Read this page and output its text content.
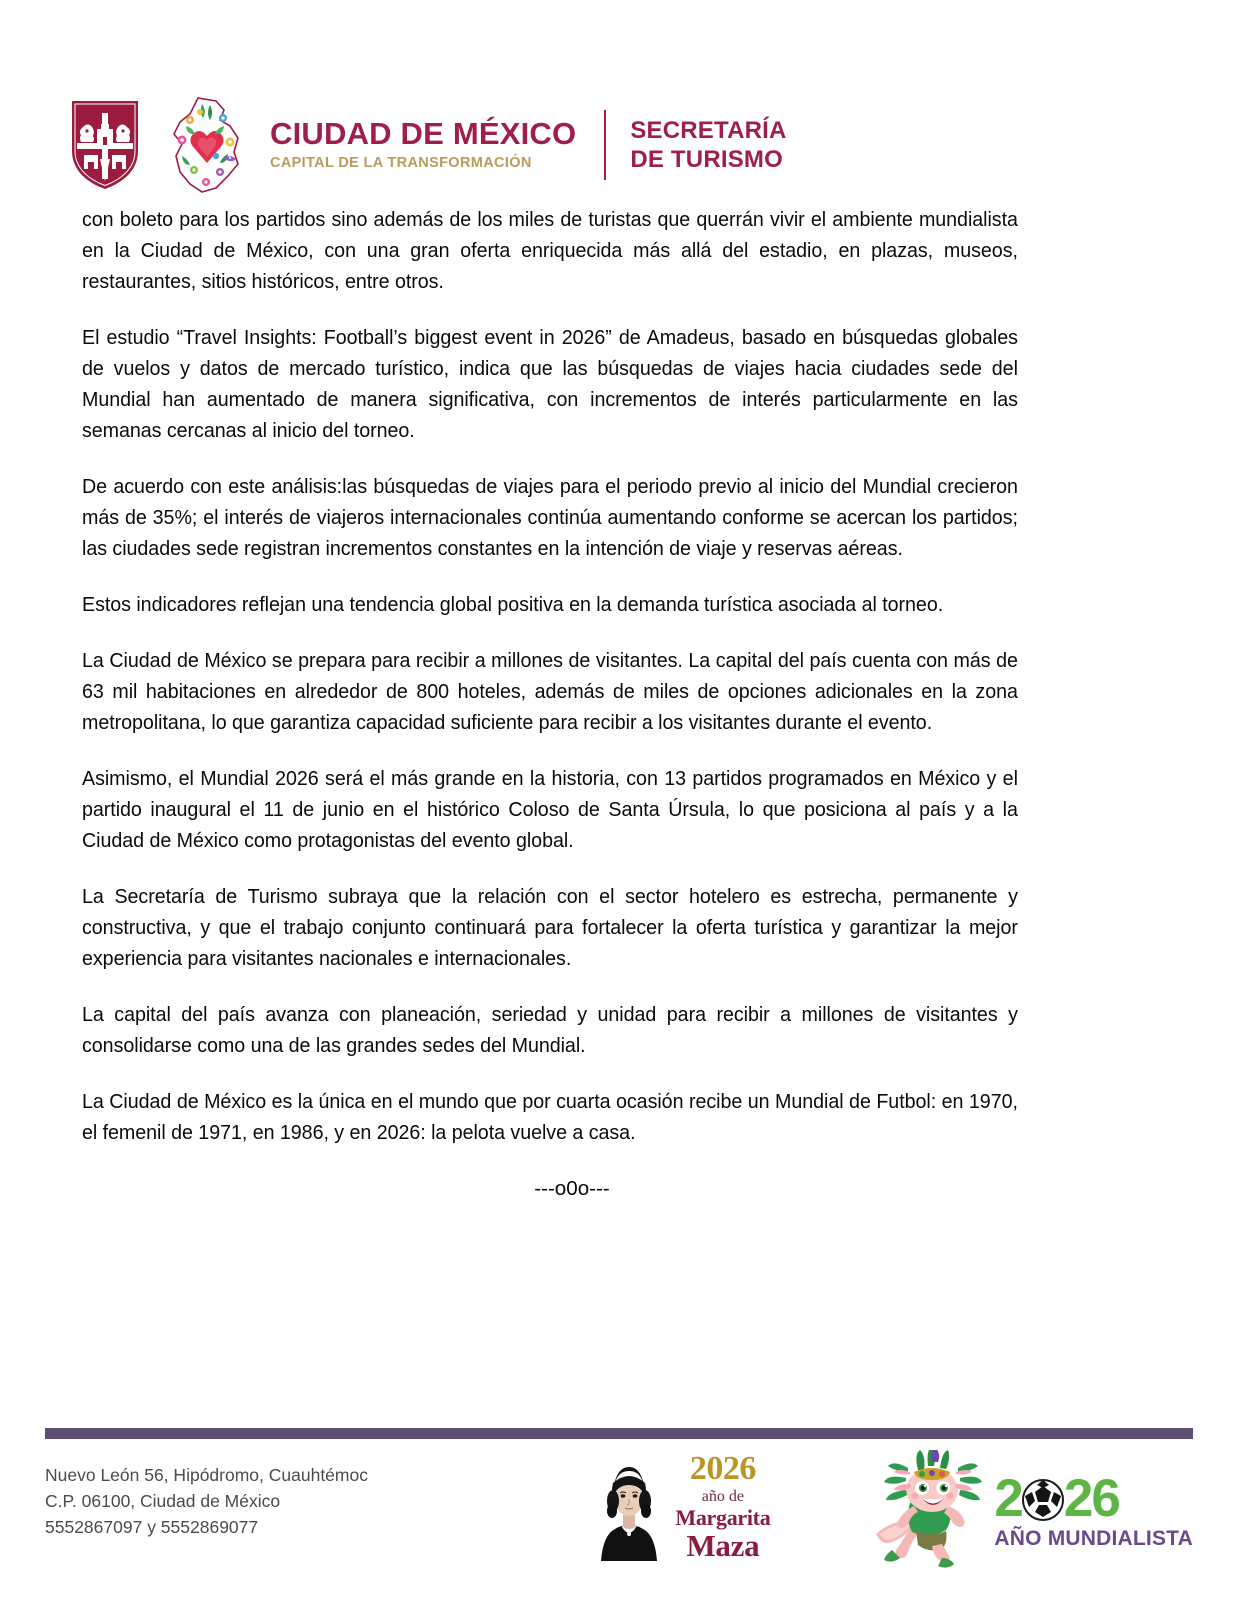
CIUDAD DE MÉXICO
CAPITAL DE LA TRANSFORMACIÓN
SECRETARÍA
DE TURISMO

con boleto para los partidos sino además de los miles de turistas que querrán vivir el ambiente mundialista en la Ciudad de México, con una gran oferta enriquecida más allá del estadio, en plazas, museos, restaurantes, sitios históricos, entre otros.

El estudio “Travel Insights: Football’s biggest event in 2026” de Amadeus, basado en búsquedas globales de vuelos y datos de mercado turístico, indica que las búsquedas de viajes hacia ciudades sede del Mundial han aumentado de manera significativa, con incrementos de interés particularmente en las semanas cercanas al inicio del torneo.

De acuerdo con este análisis:las búsquedas de viajes para el periodo previo al inicio del Mundial crecieron más de 35%; el interés de viajeros internacionales continúa aumentando conforme se acercan los partidos; las ciudades sede registran incrementos constantes en la intención de viaje y reservas aéreas.

Estos indicadores reflejan una tendencia global positiva en la demanda turística asociada al torneo.

La Ciudad de México se prepara para recibir a millones de visitantes. La capital del país cuenta con más de 63 mil habitaciones en alrededor de 800 hoteles, además de miles de opciones adicionales en la zona metropolitana, lo que garantiza capacidad suficiente para recibir a los visitantes durante el evento.

Asimismo, el Mundial 2026 será el más grande en la historia, con 13 partidos programados en México y el partido inaugural el 11 de junio en el histórico Coloso de Santa Úrsula, lo que posiciona al país y a la Ciudad de México como protagonistas del evento global.

La Secretaría de Turismo subraya que la relación con el sector hotelero es estrecha, permanente y constructiva, y que el trabajo conjunto continuará para fortalecer la oferta turística y garantizar la mejor experiencia para visitantes nacionales e internacionales.

La capital del país avanza con planeación, seriedad y unidad para recibir a millones de visitantes y consolidarse como una de las grandes sedes del Mundial.

La Ciudad de México es la única en el mundo que por cuarta ocasión recibe un Mundial de Futbol: en 1970, el femenil de 1971, en 1986, y en 2026: la pelota vuelve a casa.

---o0o---
Nuevo León 56, Hipódromo, Cuauhtémoc
C.P. 06100, Ciudad de México
5552867097 y 5552869077
2026
año de
Margarita
Maza
2 26
AÑO MUNDIALISTA
